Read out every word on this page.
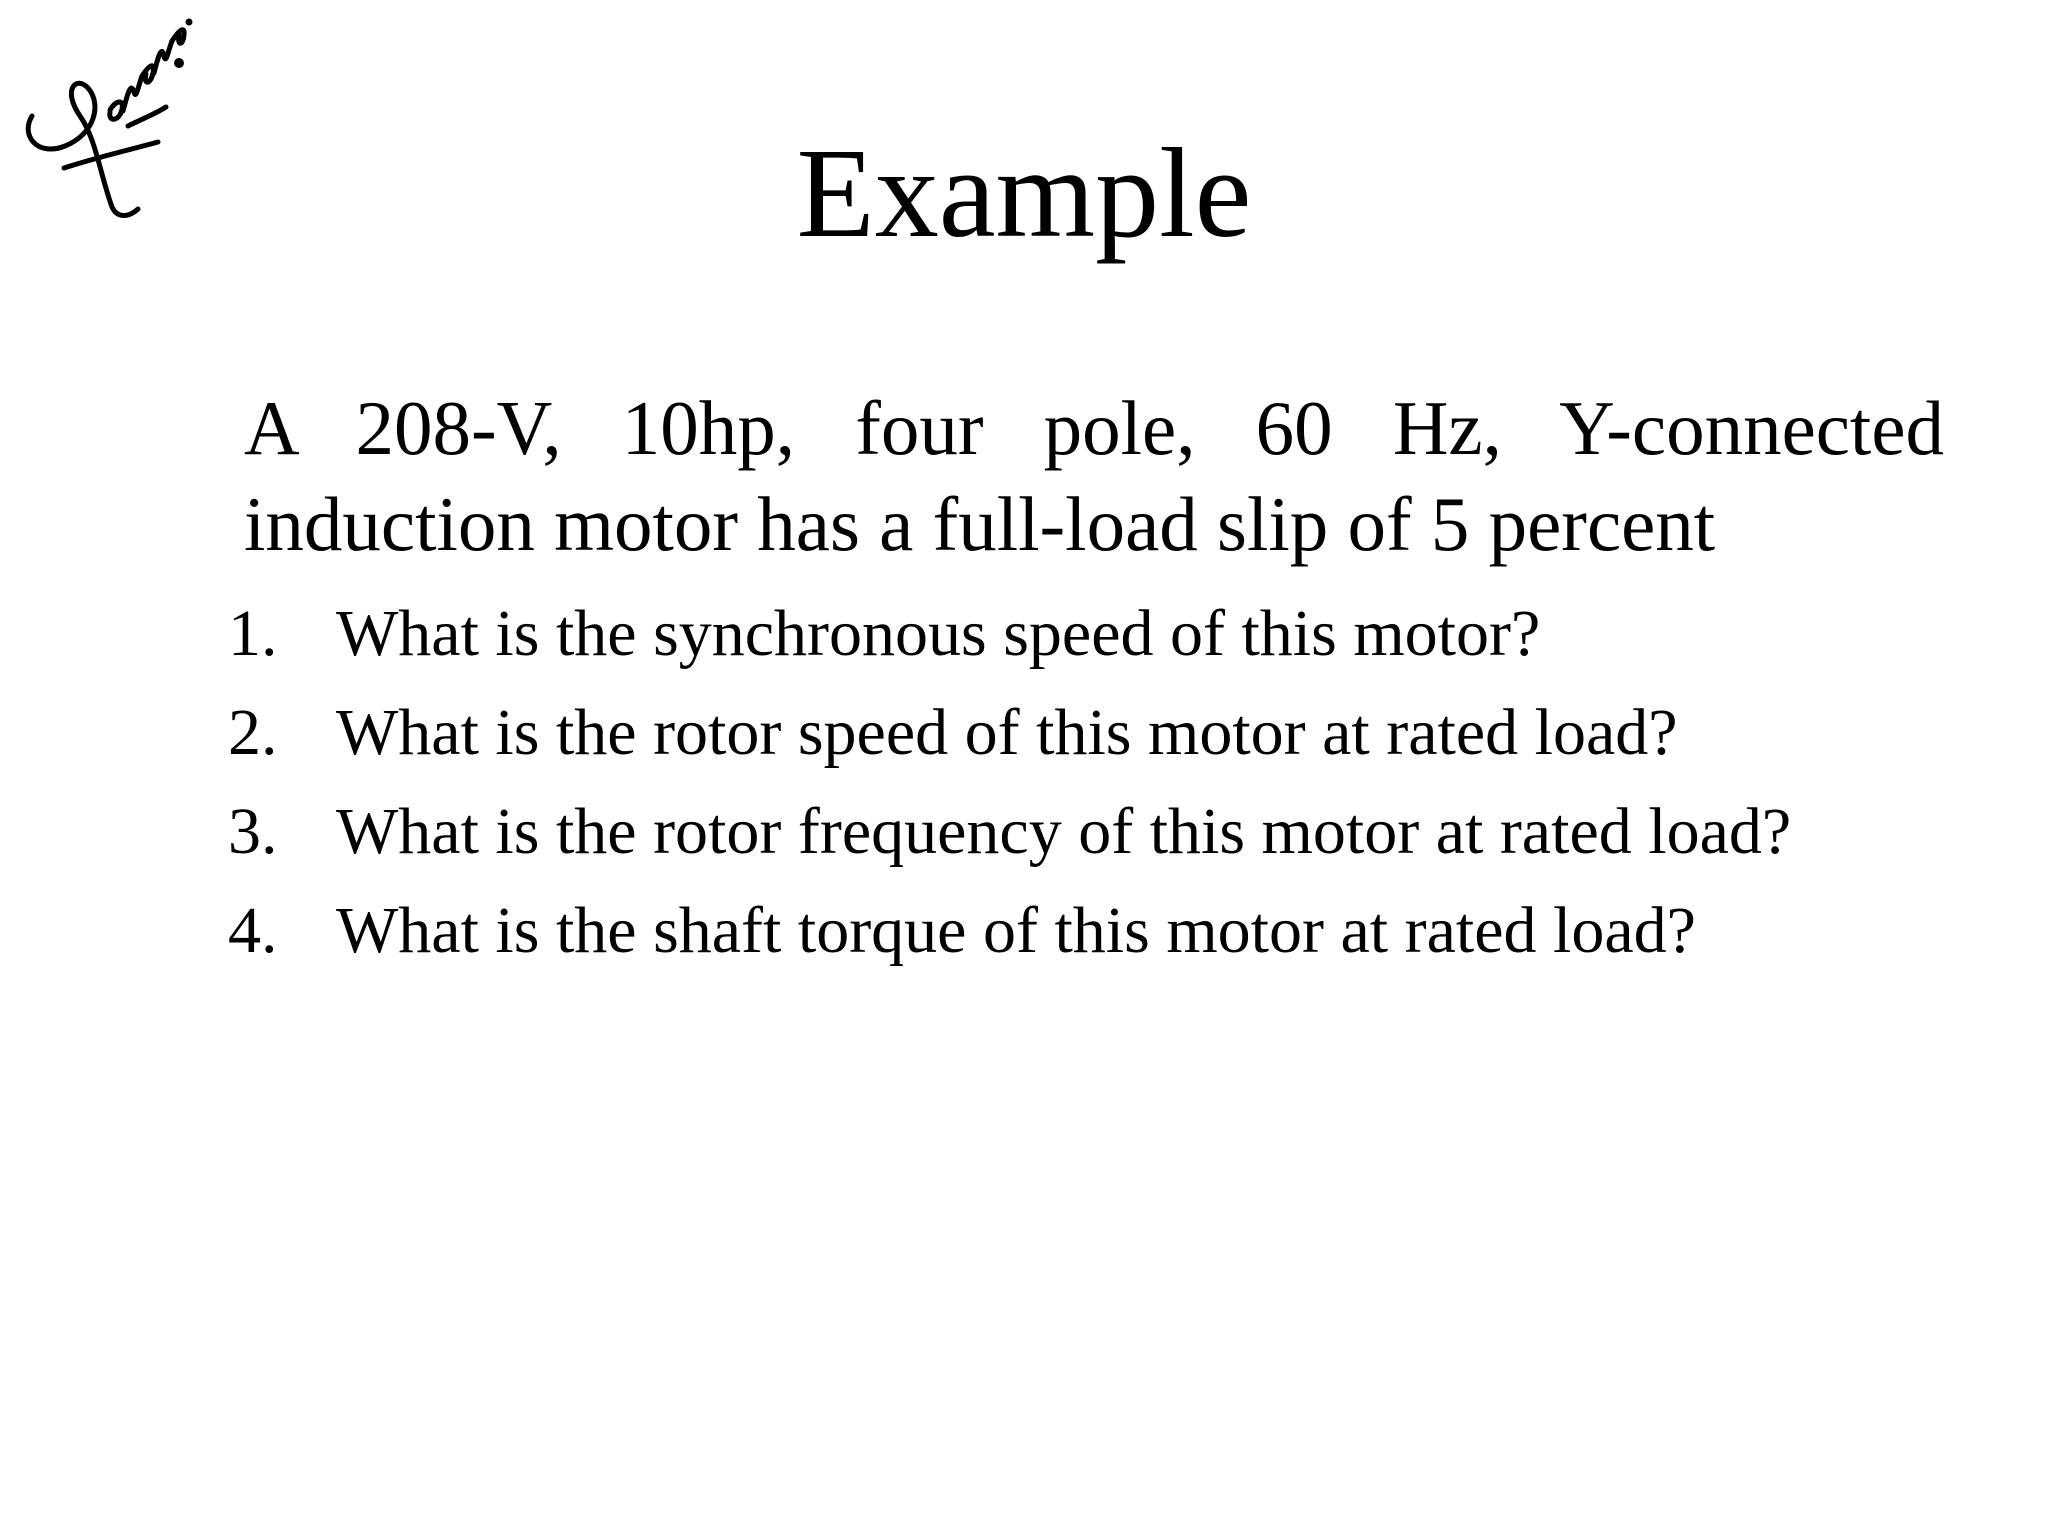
Example

A 208-V, 10hp, four pole, 60 Hz, Y-connected
induction motor has a full-load slip of 5 percent

1. What is the synchronous speed of this motor?
2. What is the rotor speed of this motor at rated load?
3. What is the rotor frequency of this motor at rated load?
4. What is the shaft torque of this motor at rated load?
